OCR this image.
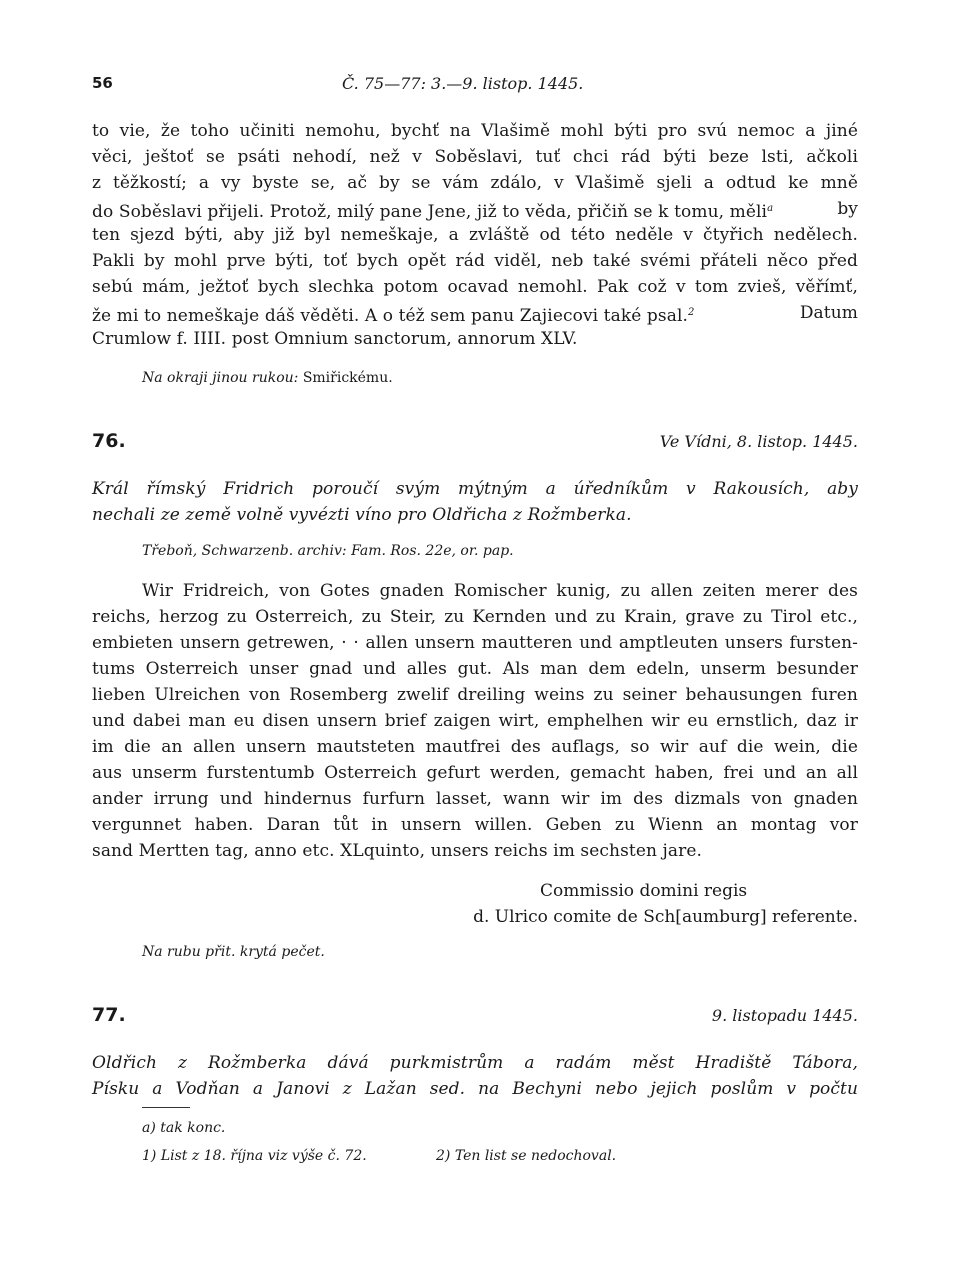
56	Č. 75—77: 3.—9. listop. 1445.
to vie, že toho učiniti nemohu, bychť na Vlašimě mohl býti pro svú nemoc a jiné
věci, ještoť se psáti nehodí, než v Soběslavi, tuť chci rád býti beze lsti, ačkoli
z těžkostí; a vy byste se, ač by se vám zdálo, v Vlašimě sjeli a odtud ke mně
do Soběslavi přijeli. Protož, milý pane Jene, již to věda, přičiň se k tomu, měli$^a$	by
ten sjezd býti, aby již byl nemeškaje, a zvláště od této neděle v čtyřich nedělech.
Pakli by mohl prve býti, toť bych opět rád viděl, neb také svémi přáteli něco před
sebú mám, ježtoť bych slechka potom ocavad nemohl. Pak což v tom zvieš, věřímť,
že mi to nemeškaje dáš věděti. A o též sem panu Zajiecovi také psal.$^2$	Datum
Crumlow f. IIII. post Omnium sanctorum, annorum XLV.
Na okraji jinou rukou: Smiřickému.
76.	Ve Vídni, 8. listop. 1445.
Král římský Fridrich poroučí svým mýtným a úředníkům v Rakousích, aby
nechali ze země volně vyvézti víno pro Oldřicha z Rožmberka.
Třeboň, Schwarzenb. archiv: Fam. Ros. 22e, or. pap.
Wir Fridreich, von Gotes gnaden Romischer kunig, zu allen zeiten merer des
reichs, herzog zu Osterreich, zu Steir, zu Kernden und zu Krain, grave zu Tirol etc.,
embieten unsern getrewen, · · allen unsern mautteren und amptleuten unsers fursten-
tums Osterreich unser gnad und alles gut. Als man dem edeln, unserm besunder
lieben Ulreichen von Rosemberg zwelif dreiling weins zu seiner behausungen furen
und dabei man eu disen unsern brief zaigen wirt, emphelhen wir eu ernstlich, daz ir
im die an allen unsern mautsteten mautfrei des auflags, so wir auf die wein, die
aus unserm furstentumb Osterreich gefurt werden, gemacht haben, frei und an all
ander irrung und hindernus furfurn lasset, wann wir im des dizmals von gnaden
vergunnet haben. Daran tůt in unsern willen. Geben zu Wienn an montag vor
sand Mertten tag, anno etc. XLquinto, unsers reichs im sechsten jare.
Commissio domini regis
d. Ulrico comite de Sch[aumburg] referente.
Na rubu přit. krytá pečet.
77.	9. listopadu 1445.
Oldřich z Rožmberka dává purkmistrům a radám měst Hradiště Tábora,
Písku a Vodňan a Janovi z Lažan sed. na Bechyni nebo jejich poslům v počtu
a) tak konc.
1) List z 18. října viz výše č. 72.	2) Ten list se nedochoval.
